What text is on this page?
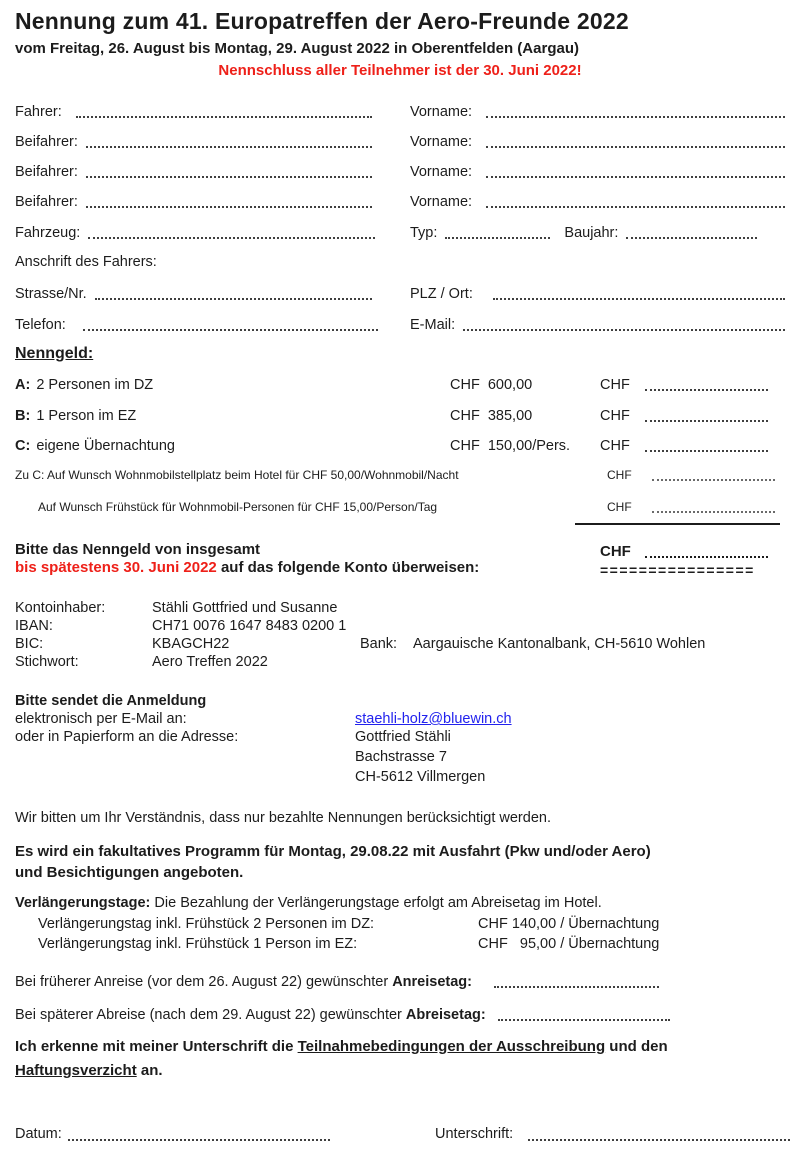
Nennung zum 41. Europatreffen der Aero-Freunde 2022
vom Freitag, 26. August bis Montag, 29. August 2022 in Oberentfelden (Aargau)
Nennschluss aller Teilnehmer ist der 30. Juni 2022!
Fahrer:	Vorname:
Beifahrer:	Vorname:
Beifahrer:	Vorname:
Beifahrer:	Vorname:
Fahrzeug:	Typ:	Baujahr:
Anschrift des Fahrers:
Strasse/Nr.	PLZ / Ort:
Telefon:	E-Mail:
Nenngeld:
A: 2 Personen im DZ	CHF  600,00	CHF
B: 1 Person im EZ	CHF  385,00	CHF
C: eigene Übernachtung	CHF  150,00/Pers.	CHF
Zu C: Auf Wunsch Wohnmobilstellplatz beim Hotel für CHF 50,00/Wohnmobil/Nacht	CHF
Auf Wunsch Frühstück für Wohnmobil-Personen für CHF 15,00/Person/Tag	CHF
Bitte das Nenngeld von insgesamt
bis spätestens 30. Juni 2022 auf das folgende Konto überweisen:
CHF
================
Kontoinhaber:	Stähli Gottfried und Susanne
IBAN:	CH71 0076 1647 8483 0200 1
BIC:	KBAGCH22	Bank: Aargauische Kantonalbank, CH-5610 Wohlen
Stichwort:	Aero Treffen 2022
Bitte sendet die Anmeldung
elektronisch per E-Mail an:	staehli-holz@bluewin.ch
oder in Papierform an die Adresse:	Gottfried Stähli
Bachstrasse 7
CH-5612 Villmergen
Wir bitten um Ihr Verständnis, dass nur bezahlte Nennungen berücksichtigt werden.
Es wird ein fakultatives Programm für Montag, 29.08.22 mit Ausfahrt (Pkw und/oder Aero)
und Besichtigungen angeboten.
Verlängerungstage: Die Bezahlung der Verlängerungstage erfolgt am Abreisetag im Hotel.
Verlängerungstag inkl. Frühstück 2 Personen im DZ:	CHF 140,00 / Übernachtung
Verlängerungstag inkl. Frühstück 1 Person im EZ:	CHF   95,00 / Übernachtung
Bei früherer Anreise (vor dem 26. August 22) gewünschter Anreisetag:
Bei späterer Abreise (nach dem 29. August 22) gewünschter Abreisetag:
Ich erkenne mit meiner Unterschrift die Teilnahmebedingungen der Ausschreibung und den
Haftungsverzicht an.
Datum:	Unterschrift:
